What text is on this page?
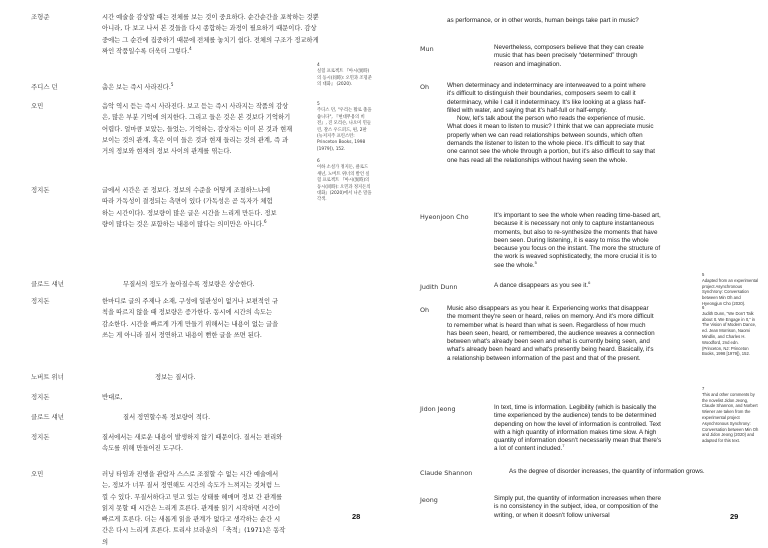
조형준	시간 예술을 감상할 때는 전체를 보는 것이 중요하다. 순간순간을 포착하는 것뿐 아니라, 다 보고 나서 본 것들을 다시 종합하는 과정이 필요하기 때문이다. 감상 중에는 그 순간에 집중하기 때문에 전체를 놓치기 쉽다. 전체의 구조가 정교하게 짜인 작품일수록 더욱더 그렇다.$^4$
주디스 던	춤은 보는 즉시 사라진다.$^5$
오민	음악 역시 듣는 즉시 사라진다. 보고 듣는 즉시 사라지는 작품의 감상은, 많은 부분 기억에 의지한다. 그리고 들은 것은 본 것보다 기억하기 어렵다. 얼마큼 보았는, 들었는, 기억하는, 감상자는 이미 본 것과 현재 보이는 것의 관계, 혹은 이미 들은 것과 현재 들리는 것의 관계, 즉 과거의 정보와 현재의 정보 사이의 관계를 엮는다.
정지돈	글에서 시간은 곧 정보다. 정보의 수준을 어떻게 조절하느냐에 따라 가독성이 결정되는 측면이 있다 (가독성은 곧 독자가 체험하는 시간이다). 정보량이 많은 글은 시간을 느리게 만든다. 정보량이 많다는 것은 포함하는 내용이 많다는 의미만은 아니다.$^6$
클로드 섀넌	무질서의 정도가 높아질수록 정보량은 상승한다.
정지돈	한마디로 글의 주제나 소재, 구성에 일관성이 없거나 보편적인 규칙을 따르지 않을 때 정보량은 증가한다. 동시에 시간의 속도는 감소한다. 시간을 빠르게 가게 만들기 위해서는 내용이 없는 글을 쓰는 게 아니라 질서 정연하고 내용이 뻔한 글을 쓰면 된다.
노버트 위너	정보는 질서다.
정지돈	반대로,
클로드 섀넌	질서 정연할수록 정보량이 적다.
정지돈	질서에서는 새로운 내용이 발생하지 않기 때문이다. 질서는 편리와 속도를 위해 만들어진 도구다.
오민	러닝 타임과 진행을 관람자 스스로 조절할 수 없는 시간 예술에서는, 정보가 너무 질서 정연해도 시간의 속도가 느껴지는 것처럼 느낄 수 있다. 무질서하다고 믿고 있는 상태를 헤매며 정보 간 관계를 읽지 못할 때 시간은 느리게 흐른다. 관계를 읽기 시작하면 시간이 빠르게 흐른다. 더는 새롭게 읽을 관계가 없다고 생각하는 순간 시간은 다시 느리게 흐른다. 트리샤 브라운의 「축적」(1971)은 동작의
4
실험 프로젝트 『아시(異時)의 동시(同時): 오민과 조형준의 대화』 (2020).
5
주디스 던, "우리는 활로 춤을 씁니다", 『현대무용의 비전』, 진 모리슨, 나오미 민들린, 찰스 우드퍼드, 편, 2판 (뉴저지주 프린스턴: Princeton Books, 1998 [1979]), 152.
6
이하 소설가 정지돈, 클로드 섀넌, 노버트 위너의 발언 실험 프로젝트 『아시(異時)의 동시(同時): 오민과 정지돈의 대화』(2020)에서 나온 말을 각색.
28
as performance, or in other words, human beings take part in music?
Mun	Nevertheless, composers believe that they can create music that has been precisely “determined” through reason and imagination.

Oh	When determinacy and indeterminacy are interweaved to a point where it's difficult to distinguish their boundaries, composers seem to call it determinacy, while I call it indeterminacy. It's like looking at a glass half-filled with water, and saying that it's half-full or half-empty.

Now, let's talk about the person who reads the experience of music. What does it mean to listen to music? I think that we can appreciate music properly when we can read relationships between sounds, which often demands the listener to listen to the whole piece. It's difficult to say that one cannot see the whole through a portion, but it's also difficult to say that one has read all the relationships without having seen the whole.

Hyeonjoon Cho	It's important to see the whole when reading time-based art, because it is necessary not only to capture instantaneous moments, but also to re-synthesize the moments that have been seen. During listening, it is easy to miss the whole because you focus on the instant. The more the structure of the work is weaved sophisticatedly, the more crucial it is to see the whole.$^5$
Judith Dunn	A dance disappears as you see it.$^6$
Oh	Music also disappears as you hear it. Experiencing works that disappear the moment they're seen or heard, relies on memory. And it's more difficult to remember what is heard than what is seen. Regardless of how much has been seen, heard, or remembered, the audience weaves a connection between what's already been seen and what is currently being seen, and what's already been heard and what's presently being heard. Basically, it's a relationship between information of the past and that of the present.

Jidon Jeong	In text, time is information. Legibility (which is basically the time experienced by the audience) tends to be determined depending on how the level of information is controlled. Text with a high quantity of information makes time slow. A high quantity of information doesn't necessarily mean that there's a lot of content included.$^7$
Claude Shannon	As the degree of disorder increases, the quantity of information grows.

Jeong	Simply put, the quantity of information increases when there is no consistency in the subject, idea, or composition of the writing, or when it doesn't follow universal

5
Adapted from an experimental project Asynchronous Synchrony: Conversation between Min Oh and Hyeongjun Cho (2020).
6
Judith Dunn, “We Don't Talk about It. We Engage in It,” in The Vision of Modern Dance, ed. Jean Morrison, Naomi Mindlin, and Charles H. Woodford, 2nd edn. (Princeton, NJ: Princeton Books, 1998 [1979]), 152.
7
This and other comments by the novelist Jidon Jeong, Claude Shannon, and Norbert Wiener are taken from the experimental project Asynchronous Synchrony: Conversation between Min Oh and Jidon Jeong (2020) and adapted for this text.
29
